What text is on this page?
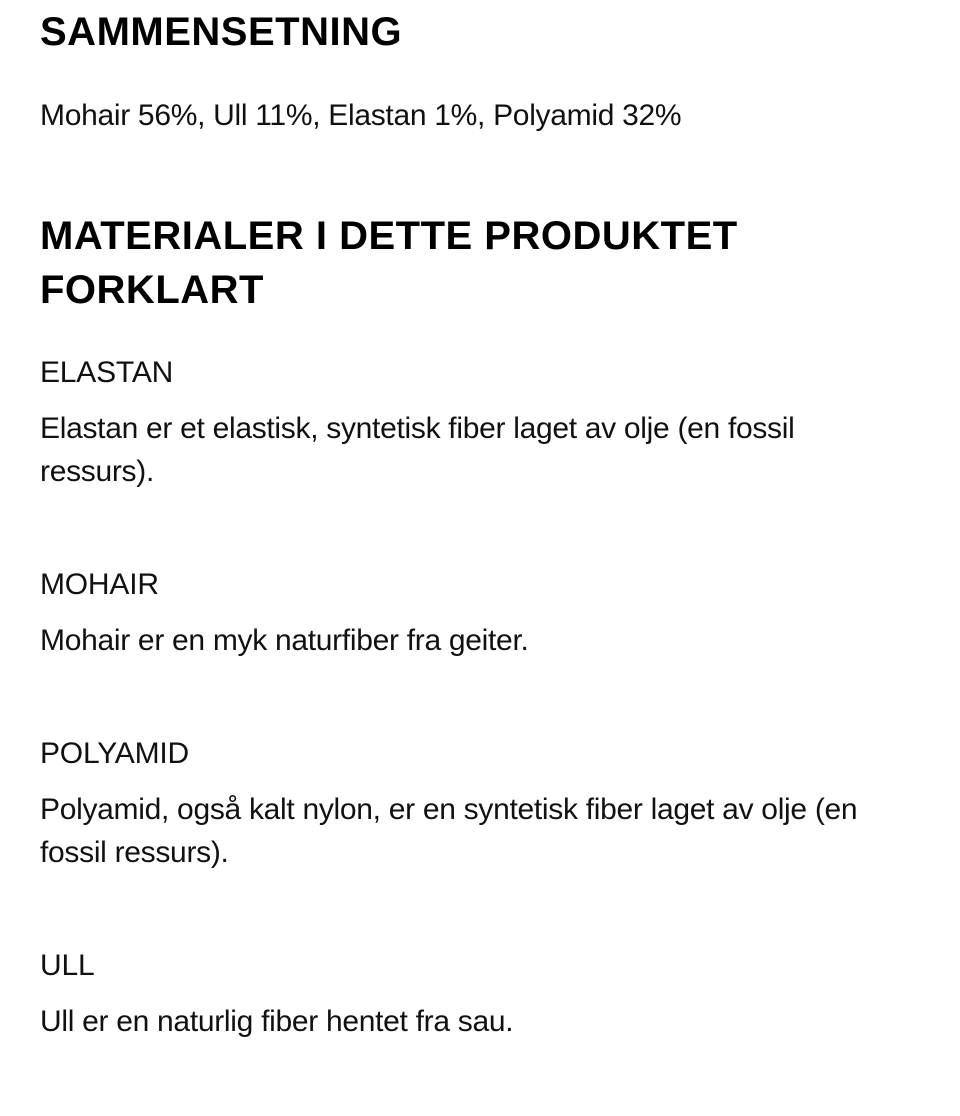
SAMMENSETNING

Mohair 56%, Ull 11%, Elastan 1%, Polyamid 32%

MATERIALER I DETTE PRODUKTET FORKLART
ELASTAN

Elastan er et elastisk, syntetisk fiber laget av olje (en fossil ressurs).

MOHAIR

Mohair er en myk naturfiber fra geiter.

POLYAMID

Polyamid, også kalt nylon, er en syntetisk fiber laget av olje (en fossil ressurs).

ULL

Ull er en naturlig fiber hentet fra sau.
